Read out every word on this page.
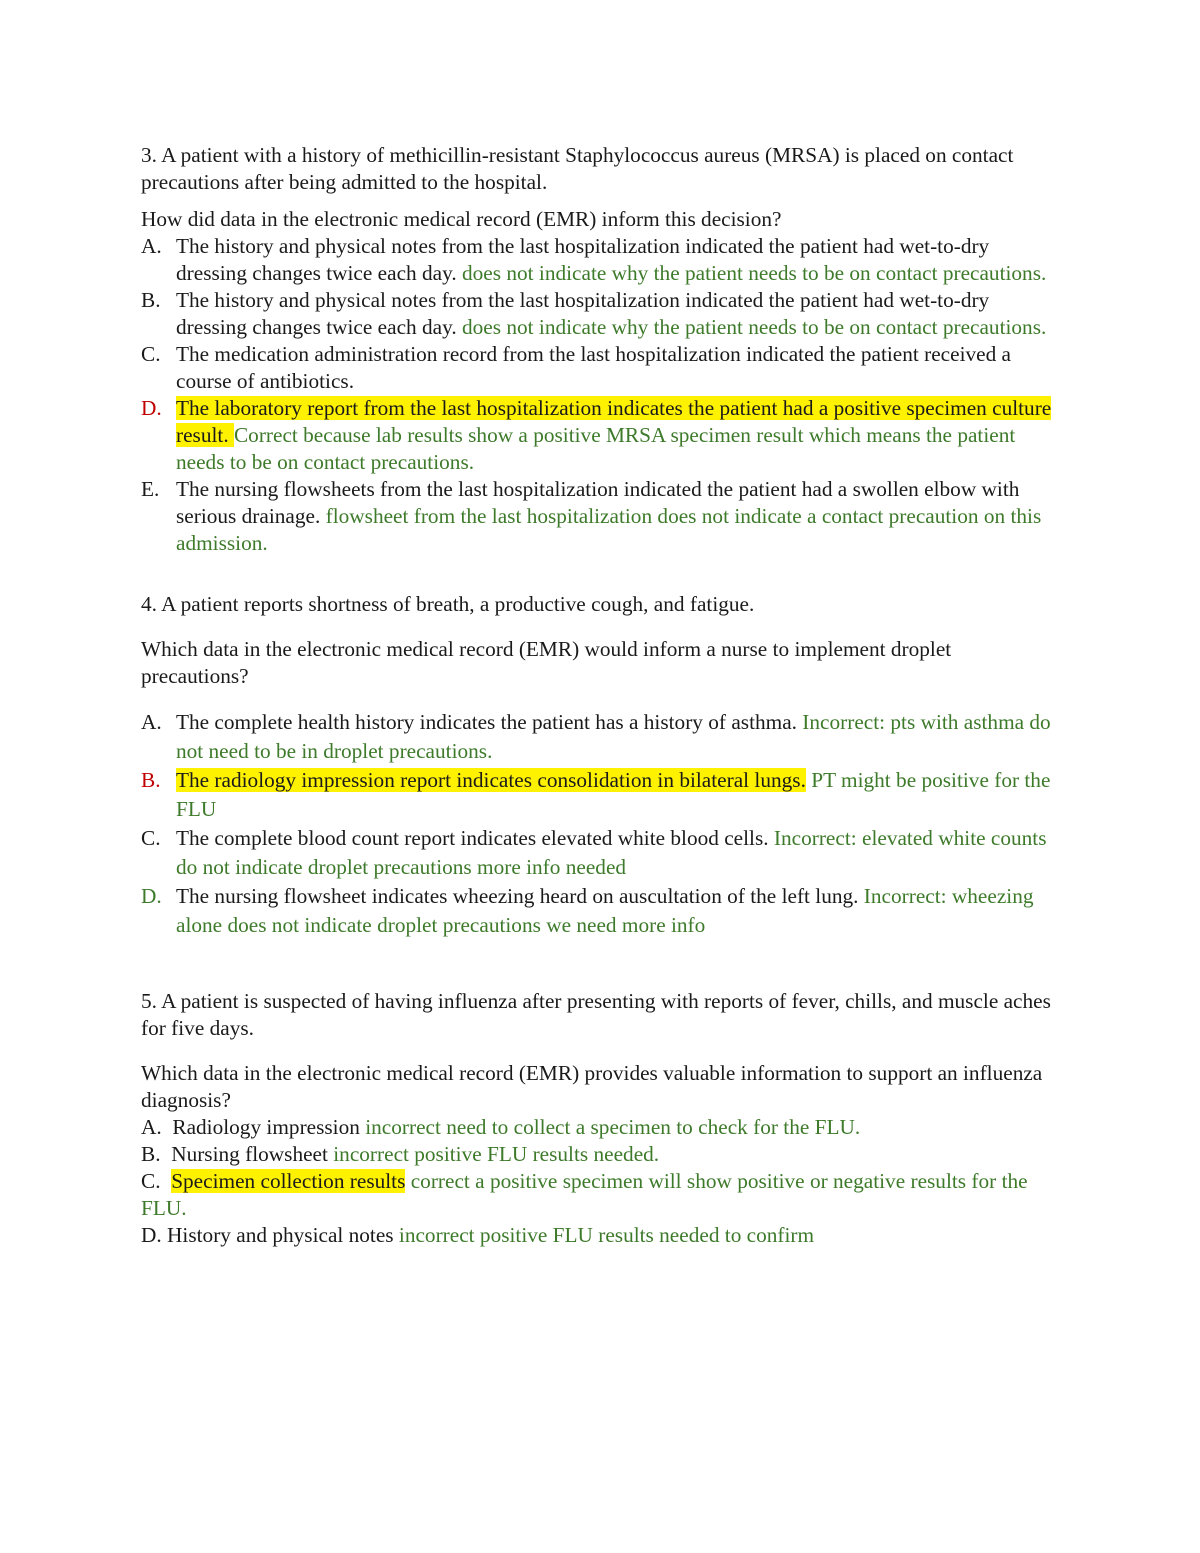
3. A patient with a history of methicillin-resistant Staphylococcus aureus (MRSA) is placed on contact precautions after being admitted to the hospital.

How did data in the electronic medical record (EMR) inform this decision?

A. The history and physical notes from the last hospitalization indicated the patient had wet-to-dry dressing changes twice each day. does not indicate why the patient needs to be on contact precautions.
B. The history and physical notes from the last hospitalization indicated the patient had wet-to-dry dressing changes twice each day. does not indicate why the patient needs to be on contact precautions.
C. The medication administration record from the last hospitalization indicated the patient received a course of antibiotics.
D. The laboratory report from the last hospitalization indicates the patient had a positive specimen culture result. Correct because lab results show a positive MRSA specimen result which means the patient needs to be on contact precautions.
E. The nursing flowsheets from the last hospitalization indicated the patient had a swollen elbow with serious drainage. flowsheet from the last hospitalization does not indicate a contact precaution on this admission.

4. A patient reports shortness of breath, a productive cough, and fatigue.

Which data in the electronic medical record (EMR) would inform a nurse to implement droplet precautions?

A. The complete health history indicates the patient has a history of asthma. Incorrect: pts with asthma do not need to be in droplet precautions.
B. The radiology impression report indicates consolidation in bilateral lungs. PT might be positive for the FLU
C. The complete blood count report indicates elevated white blood cells. Incorrect: elevated white counts do not indicate droplet precautions more info needed
D. The nursing flowsheet indicates wheezing heard on auscultation of the left lung. Incorrect: wheezing alone does not indicate droplet precautions we need more info

5. A patient is suspected of having influenza after presenting with reports of fever, chills, and muscle aches for five days.

Which data in the electronic medical record (EMR) provides valuable information to support an influenza diagnosis?

A. Radiology impression incorrect need to collect a specimen to check for the FLU.

B. Nursing flowsheet incorrect positive FLU results needed.

C. Specimen collection results correct a positive specimen will show positive or negative results for the FLU.

D. History and physical notes incorrect positive FLU results needed to confirm
